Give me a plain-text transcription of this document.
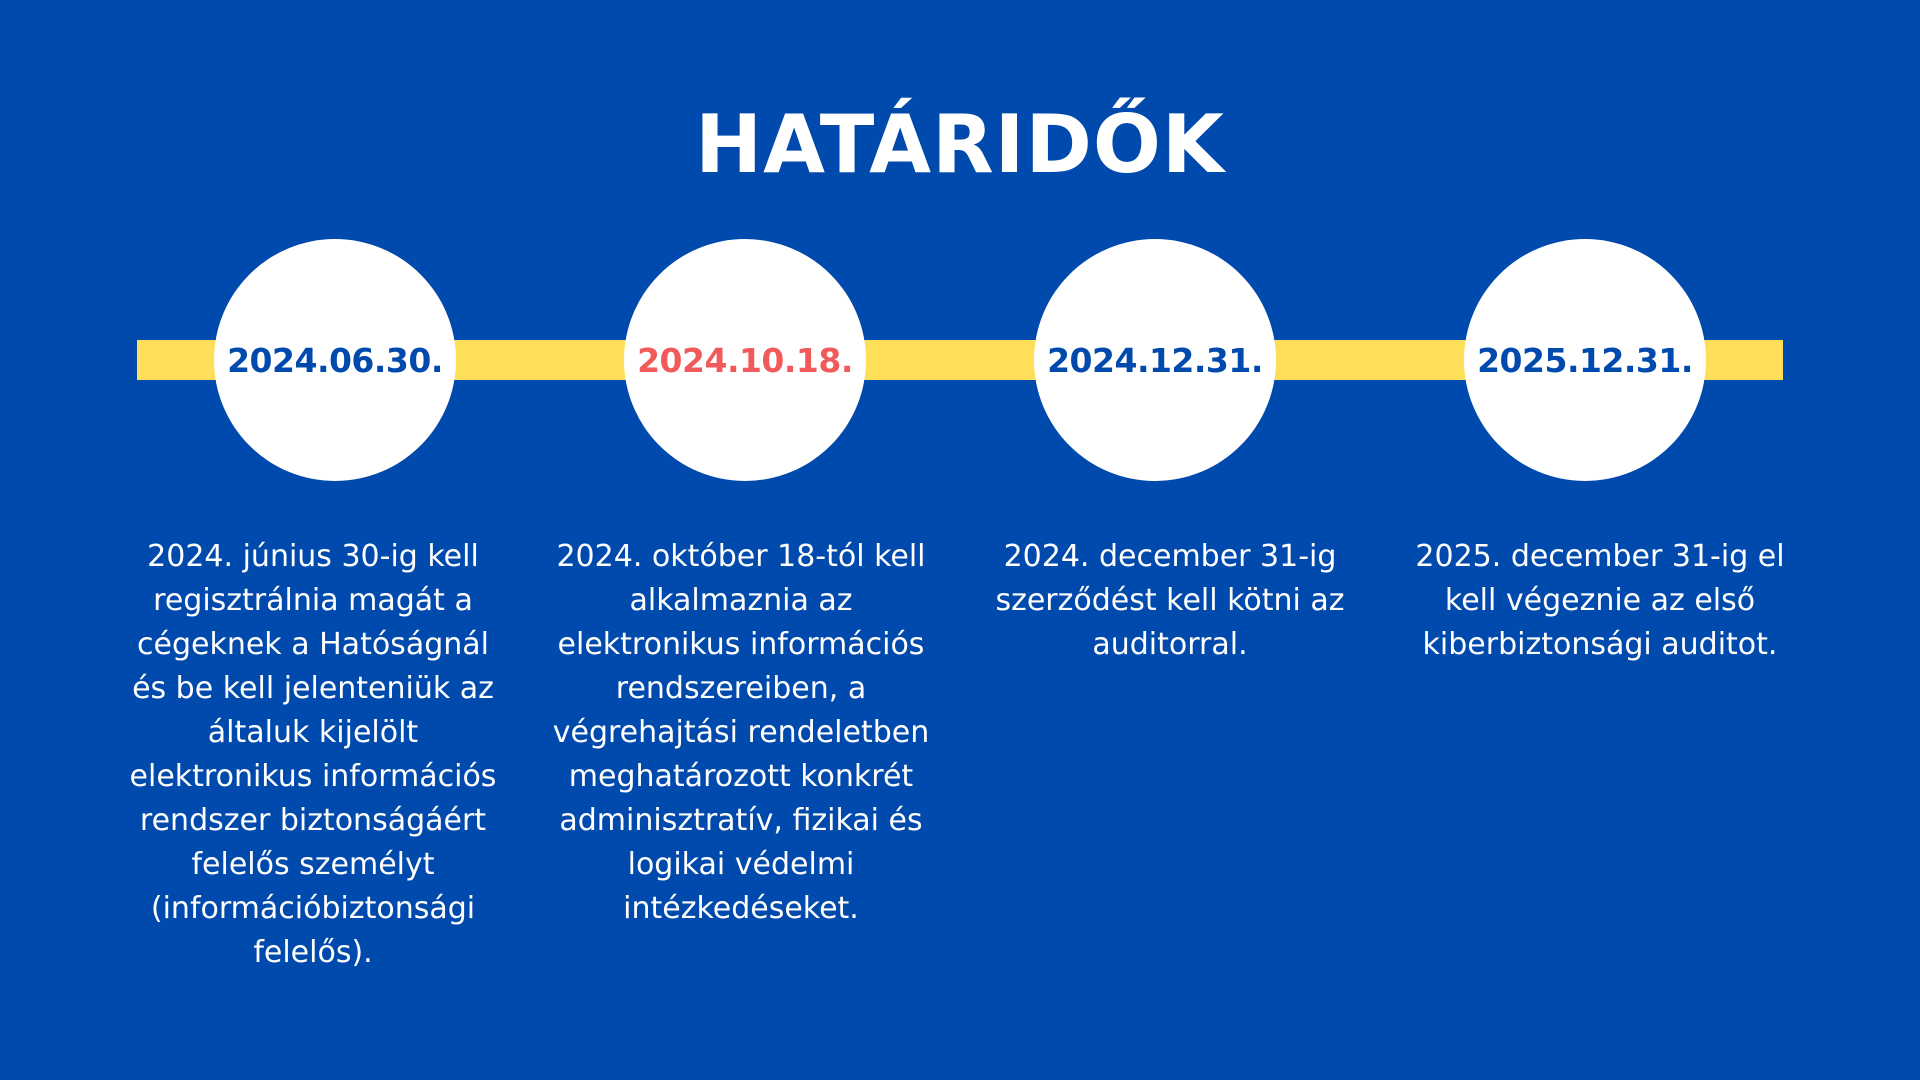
HATÁRIDŐK
2024.06.30.	2024.10.18.	2024.12.31.	2025.12.31.

2024. június 30-ig kell regisztrálnia magát a cégeknek a Hatóságnál és be kell jelenteniük az általuk kijelölt elektronikus információs rendszer biztonságáért felelős személyt (információbiztonsági felelős).

2024. október 18-tól kell alkalmaznia az elektronikus információs rendszereiben, a végrehajtási rendeletben meghatározott konkrét adminisztratív, fizikai és logikai védelmi intézkedéseket.

2024. december 31-ig szerződést kell kötni az auditorral.

2025. december 31-ig el kell végeznie az első kiberbiztonsági auditot.
